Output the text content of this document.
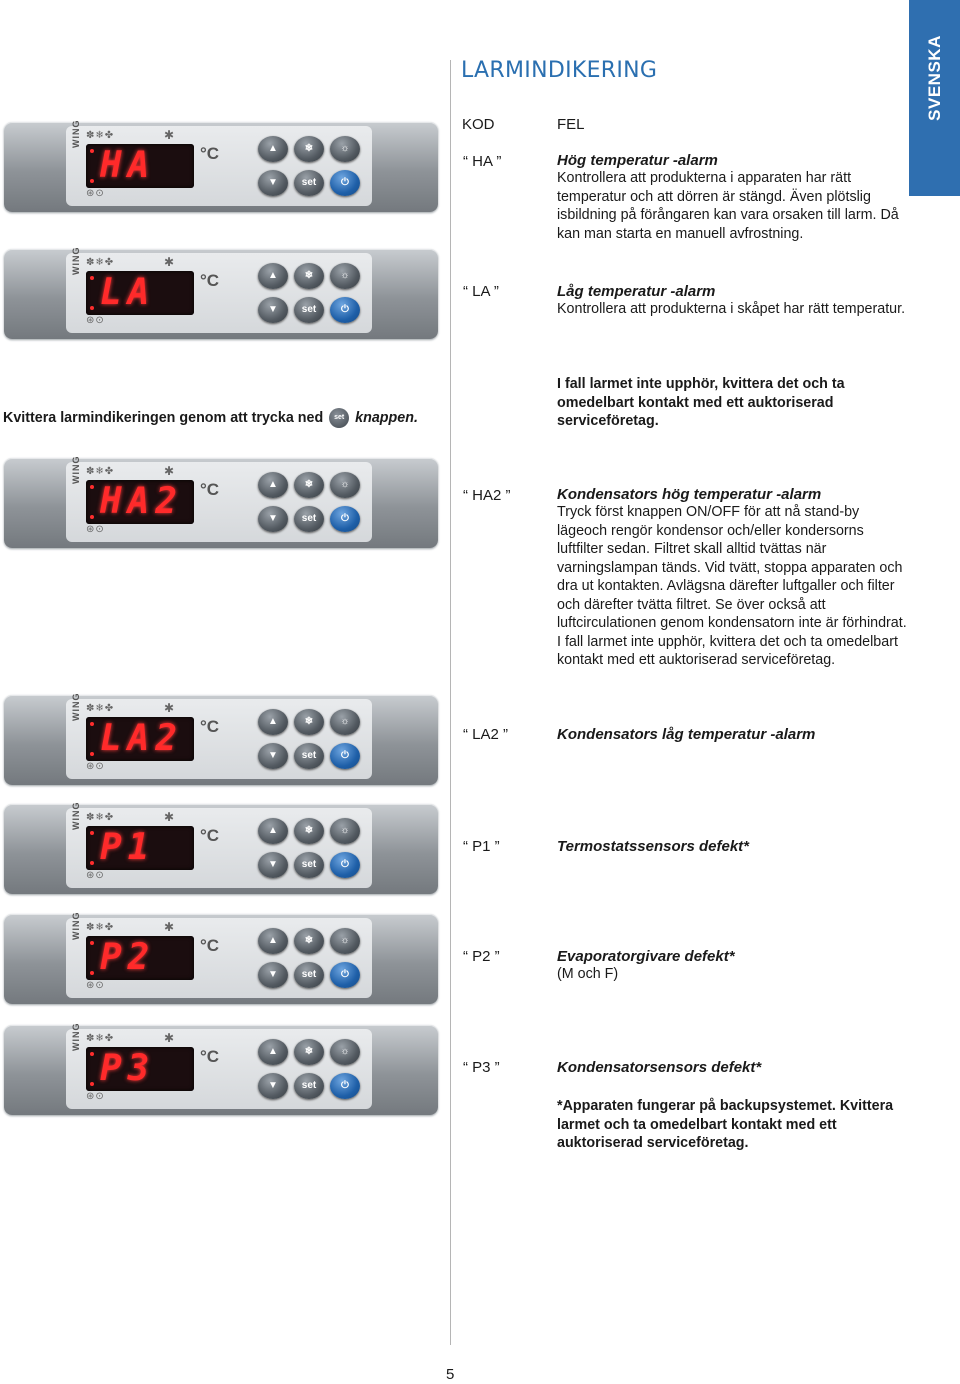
LARMINDIKERING	SVENSKA
KOD	FEL
WING ✽❄✤	✱
HA	°C
⊛⊙
▲	❄	☼
▼	set	⏻
WING ✽❄✤	✱
LA	°C
⊛⊙
▲	❄	☼
▼	set	⏻
WING ✽❄✤	✱
HA2 °C
⊛⊙
▲	❄	☼
▼	set	⏻
WING ✽❄✤	✱
LA2 °C
⊛⊙
▲	❄	☼
▼	set	⏻
WING ✽❄✤	✱
P1	°C
⊛⊙
▲	❄	☼
▼	set	⏻
WING ✽❄✤	✱
P2	°C
⊛⊙
▲	❄	☼
▼	set	⏻
WING ✽❄✤	✱
P3	°C
⊛⊙
▲	❄	☼
▼	set	⏻
“ HA ”	Hög temperatur -alarm

Kontrollera att produkterna i apparaten har rätt temperatur och att dörren är stängd. Även plötslig isbildning på förångaren kan vara orsaken till larm. Då kan man starta en manuell avfrostning.

“ LA ”	Låg temperatur -alarm

Kontrollera att produkterna i skåpet har rätt temperatur.

“ HA2 ”	Kondensators hög temperatur -alarm

Tryck först knappen ON/OFF för att nå stand-by lägeoch rengör kondensor och/eller kondersorns luftfilter sedan. Filtret skall alltid tvättas när varningslampan tänds. Vid tvätt, stoppa apparaten och dra ut kontakten. Avlägsna därefter luftgaller och filter och därefter tvätta filtret. Se över också att luftcirculationen genom kondensatorn inte är förhindrat. I fall larmet inte upphör, kvittera det och ta omedelbart kontakt med ett auktoriserad serviceföretag.

“ LA2 ”	Kondensators låg temperatur -alarm

“ P1 ”	Termostatssensors defekt*

“ P2 ”	Evaporatorgivare defekt*

(M och F)

“ P3 ”	Kondensatorsensors defekt*

Kvittera larmindikeringen genom att trycka ned set knappen.
I fall larmet inte upphör, kvittera det och ta omedelbart kontakt med ett auktoriserad serviceföretag.
*Apparaten fungerar på backupsystemet. Kvittera larmet och ta omedelbart kontakt med ett auktoriserad serviceföretag.
5
